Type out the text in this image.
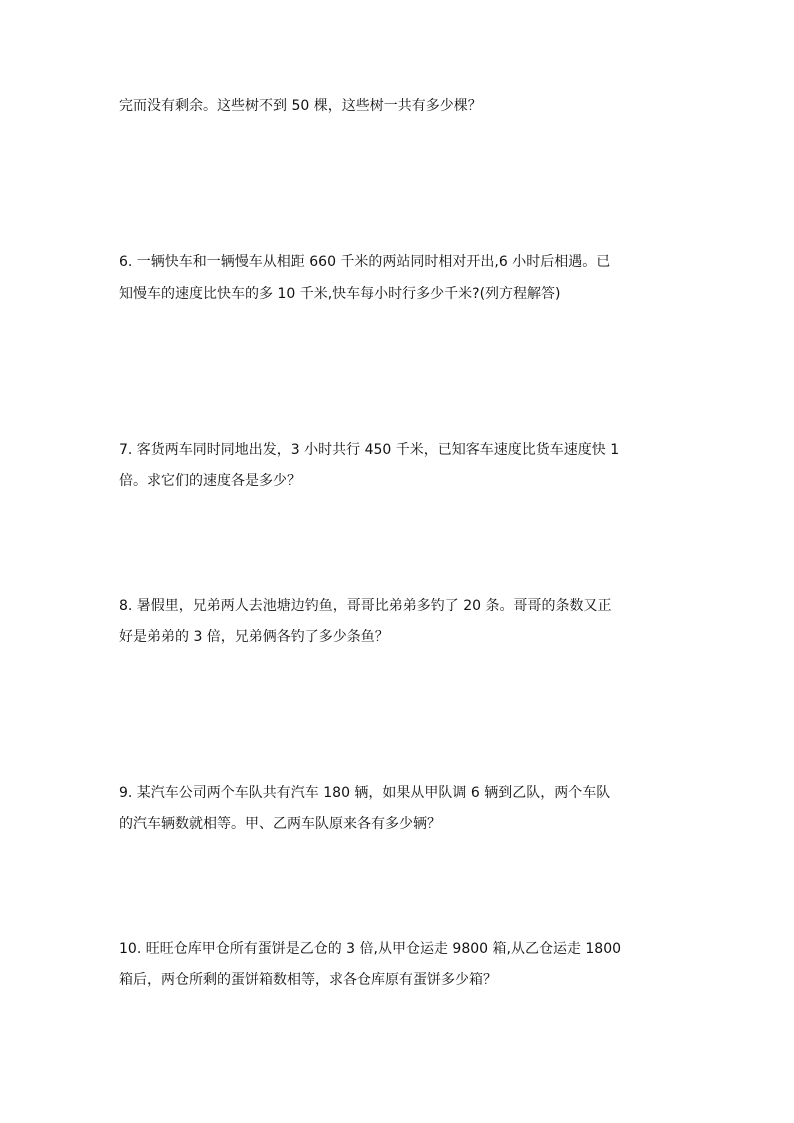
完而没有剩余。这些树不到 50 棵，这些树一共有多少棵？
6. 一辆快车和一辆慢车从相距 660 千米的两站同时相对开出,6 小时后相遇。已
知慢车的速度比快车的多 10 千米,快车每小时行多少千米?(列方程解答)
7. 客货两车同时同地出发，3 小时共行 450 千米，已知客车速度比货车速度快 1
倍。求它们的速度各是多少？
8. 暑假里，兄弟两人去池塘边钓鱼，哥哥比弟弟多钓了 20 条。哥哥的条数又正
好是弟弟的 3 倍，兄弟俩各钓了多少条鱼？
9. 某汽车公司两个车队共有汽车 180 辆，如果从甲队调 6 辆到乙队，两个车队
的汽车辆数就相等。甲、乙两车队原来各有多少辆？
10. 旺旺仓库甲仓所有蛋饼是乙仓的 3 倍,从甲仓运走 9800 箱,从乙仓运走 1800
箱后，两仓所剩的蛋饼箱数相等，求各仓库原有蛋饼多少箱？
